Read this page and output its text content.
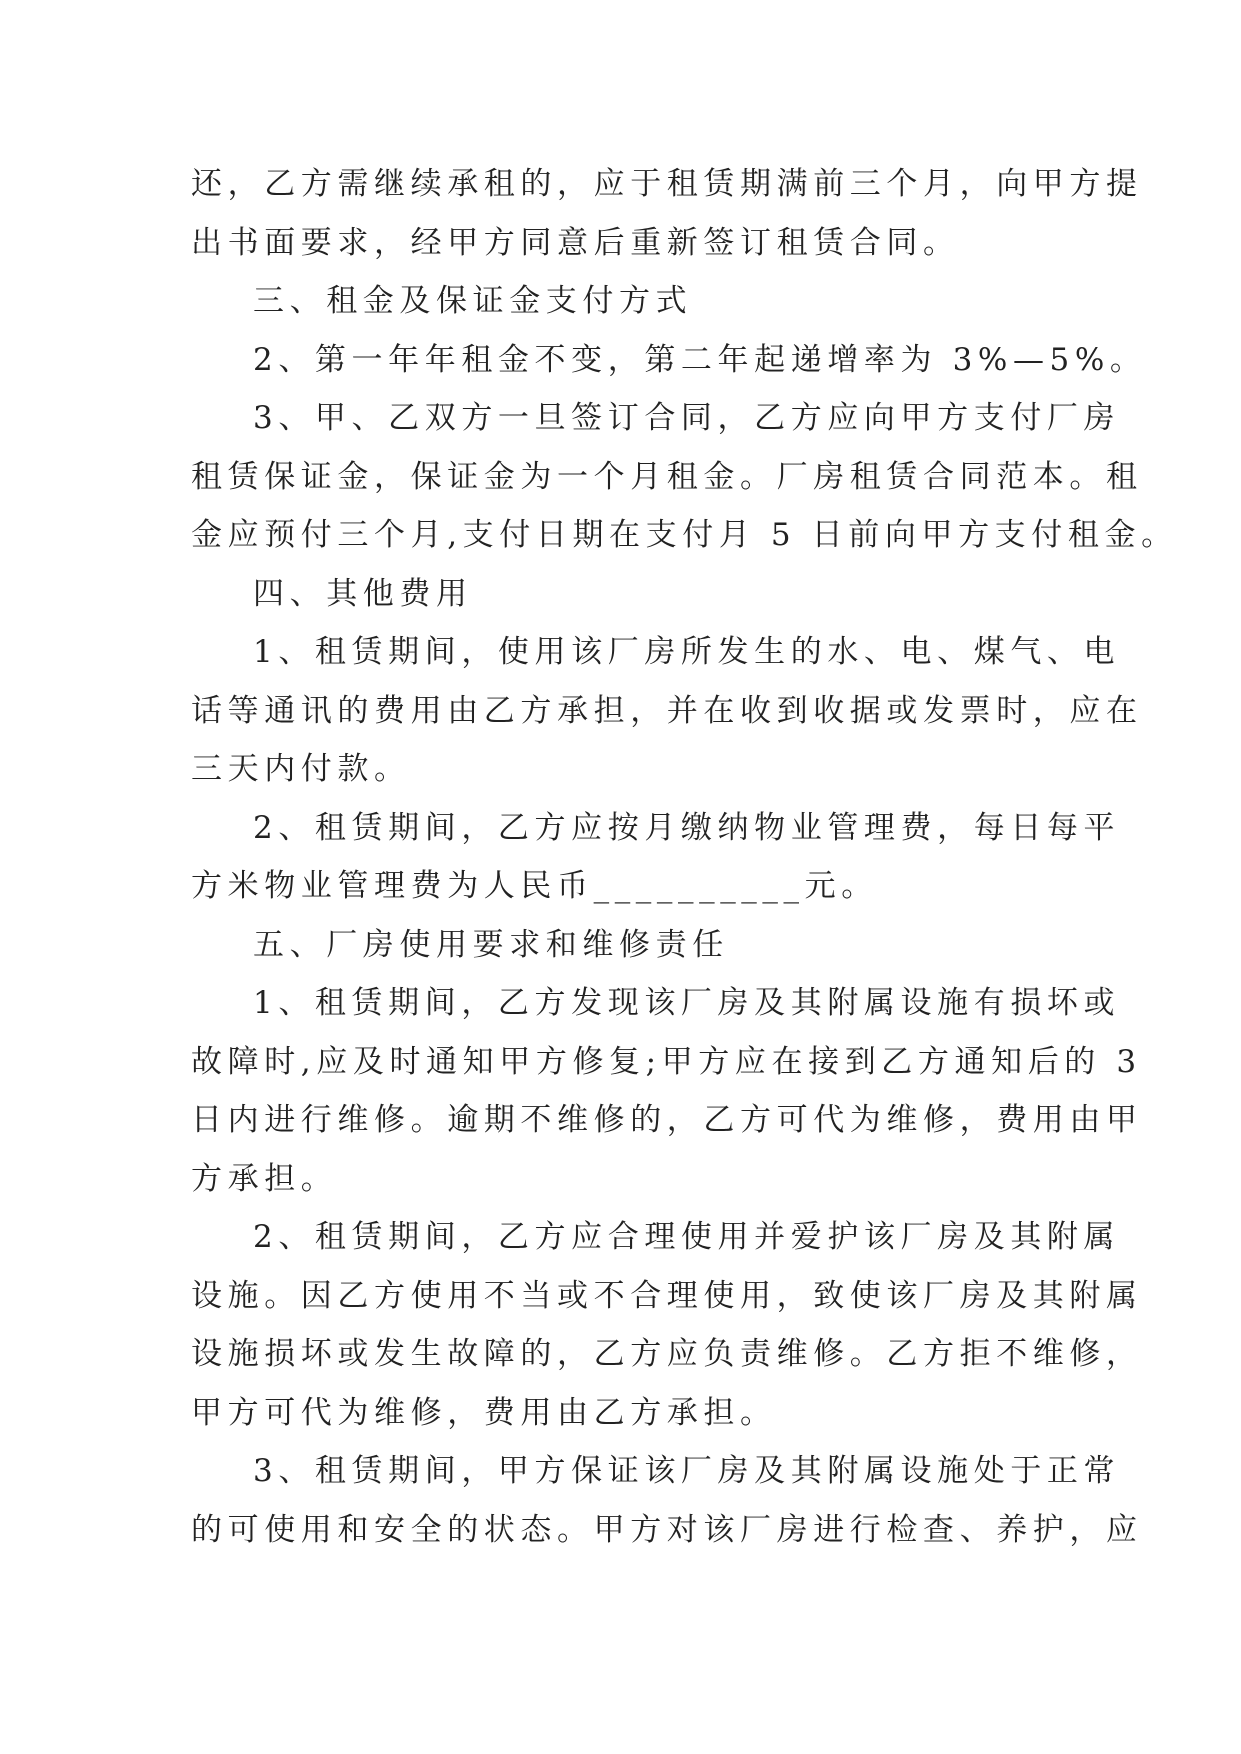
还，乙方需继续承租的，应于租赁期满前三个月，向甲方提
出书面要求，经甲方同意后重新签订租赁合同。
三、租金及保证金支付方式
2、第一年年租金不变，第二年起递增率为 3%—5%。
3、甲、乙双方一旦签订合同，乙方应向甲方支付厂房
租赁保证金，保证金为一个月租金。厂房租赁合同范本。租
金应预付三个月,支付日期在支付月 5 日前向甲方支付租金。
四、其他费用
1、租赁期间，使用该厂房所发生的水、电、煤气、电
话等通讯的费用由乙方承担，并在收到收据或发票时，应在
三天内付款。
2、租赁期间，乙方应按月缴纳物业管理费，每日每平
方米物业管理费为人民币__________元。
五、厂房使用要求和维修责任
1、租赁期间，乙方发现该厂房及其附属设施有损坏或
故障时,应及时通知甲方修复;甲方应在接到乙方通知后的 3
日内进行维修。逾期不维修的，乙方可代为维修，费用由甲
方承担。
2、租赁期间，乙方应合理使用并爱护该厂房及其附属
设施。因乙方使用不当或不合理使用，致使该厂房及其附属
设施损坏或发生故障的，乙方应负责维修。乙方拒不维修，
甲方可代为维修，费用由乙方承担。
3、租赁期间，甲方保证该厂房及其附属设施处于正常
的可使用和安全的状态。甲方对该厂房进行检查、养护，应
